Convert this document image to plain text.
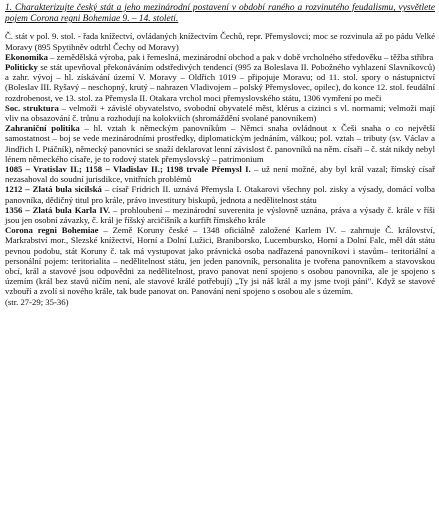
1. Charakterizujte český stát a jeho mezinárodní postavení v období raného a rozvinutého feudalismu, vysvětlete pojem Corona regni Bohemiae 9. – 14. století.

Č. stát v pol. 9. stol. - řada knížectví, ovládaných knížectvím Čechů, repr. Přemyslovci; moc se rozvinula až po pádu Velké Moravy (895 Spytihněv odtrhl Čechy od Moravy)

Ekonomika – zemědělská výroba, pak i řemeslná, mezinárodní obchod a pak v době vrcholného středověku – těžba stříbra

Politicky se stát upevňoval překonáváním odstředivých tendencí (995 za Boleslava II. Pobožného vyhlazení Slavníkovců) a zahr. vývoj – hl. získávání území V. Moravy – Oldřich 1019 – připojuje Moravu; od 11. stol. spory o nástupnictví (Boleslav III. Ryšavý – neschopný, krutý – nahrazen Vladivojem – polský Přemyslovec, opilec), do konce 12. stol. feudální rozdrobenost, ve 13. stol. za Přemysla II. Otakara vrchol moci přemyslovského státu, 1306 vymření po meči

Soc. struktura – velmoži + závislé obyvatelstvo, svobodní obyvatelé měst, klérus a cizinci s vl. normami; velmoži mají vliv na obsazování č. trůnu a rozhodují na kolokviích (shromáždění svolané panovníkem)

Zahraniční politika – hl. vztah k německým panovníkům – Němci snaha ovládnout x Češi snaha o co největší samostatnost – boj se vede mezinárodními prostředky, diplomatickým jednáním, válkou; pol. vztah – tributy (sv. Václav a Jindřich I. Ptáčník), německý panovníci se snaží deklarovat lenní závislost č. panovníků na něm. císaři – č. stát nikdy nebyl lénem německého císaře, je to rodový statek přemyslovský – patrimonium

1085 – Vratislav II.; 1158 – Vladislav II.; 1198 trvale Přemysl I. – už není možné, aby byl král vazal; římský císař nezasahoval do soudní jurisdikce, vnitřních problémů

1212 – Zlatá bula sicilská – císař Fridrich II. uznává Přemysla I. Otakarovi všechny pol. zisky a výsady, domácí volba panovníka, dědičný titul pro krále, právo investitury biskupů, jednota a nedělitelnost státu

1356 – Zlatá bula Karla IV. – prohloubení – mezinárodní suverenita je výslovně uznána, práva a výsady č. krále v říši jsou jen osobní závazky, č. král je říšský arcičíšník a kurfiřt římského krále

Corona regni Bohemiae – Země Koruny české – 1348 oficiálně založené Karlem IV. – zahrnuje Č. království, Markrabství mor., Slezské knížectví, Horní a Dolní Lužici, Braniborsko, Lucembursko, Horní a Dolní Falc, měl dát státu pevnou podobu, stát Koruny č. tak má vystupovat jako právnická osoba nadřazená panovníkovi i stavům– teritoriální a personální pojem: teritorialita – nedělitelnost státu, jen jeden panovník, personalita je tvořena panovníkem a stavovskou obcí, král a stavové jsou odpovědni za nedělitelnost, pravo panovat není spojeno s osobou panovníka, ale je spojeno s územím (král bez stavů ničím není, ale stavové králé potřebují) „Ty jsi náš král a my jsme tvoji páni". Když se stavové vzbouří a zvolí si nového krále, tak bude panovat on. Panování není spojeno s osobou ale s územím.

(str. 27-29; 35-36)
